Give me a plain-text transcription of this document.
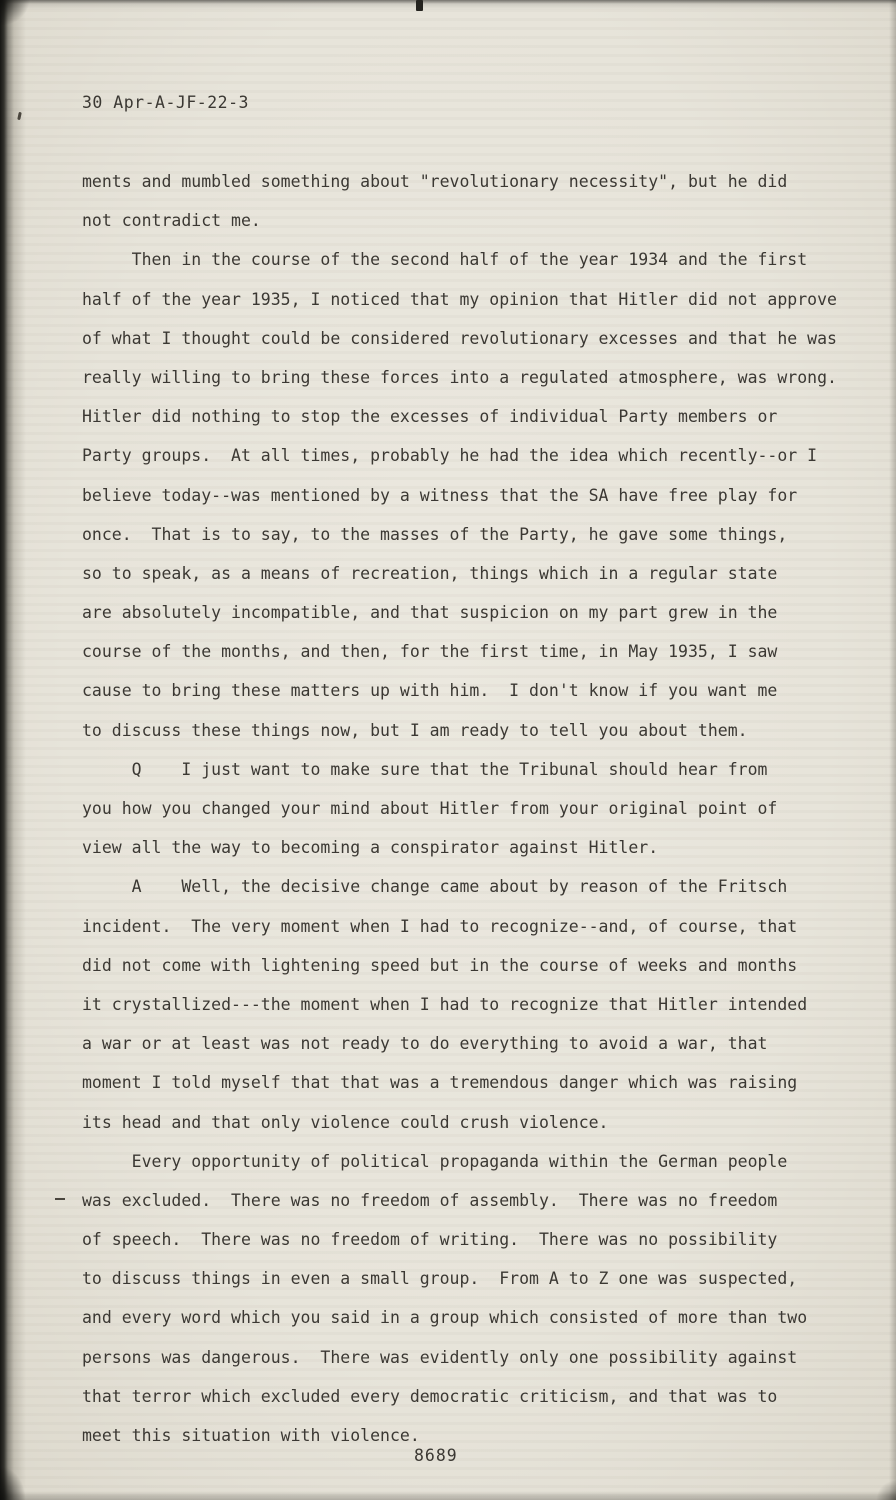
30 Apr-A-JF-22-3
ments and mumbled something about "revolutionary necessity", but he did
not contradict me.
Then in the course of the second half of the year 1934 and the first
half of the year 1935, I noticed that my opinion that Hitler did not approve
of what I thought could be considered revolutionary excesses and that he was
really willing to bring these forces into a regulated atmosphere, was wrong.
Hitler did nothing to stop the excesses of individual Party members or
Party groups.  At all times, probably he had the idea which recently--or I
believe today--was mentioned by a witness that the SA have free play for
once.  That is to say, to the masses of the Party, he gave some things,
so to speak, as a means of recreation, things which in a regular state
are absolutely incompatible, and that suspicion on my part grew in the
course of the months, and then, for the first time, in May 1935, I saw
cause to bring these matters up with him.  I don't know if you want me
to discuss these things now, but I am ready to tell you about them.
Q    I just want to make sure that the Tribunal should hear from
you how you changed your mind about Hitler from your original point of
view all the way to becoming a conspirator against Hitler.
A    Well, the decisive change came about by reason of the Fritsch
incident.  The very moment when I had to recognize--and, of course, that
did not come with lightening speed but in the course of weeks and months
it crystallized---the moment when I had to recognize that Hitler intended
a war or at least was not ready to do everything to avoid a war, that
moment I told myself that that was a tremendous danger which was raising
its head and that only violence could crush violence.
Every opportunity of political propaganda within the German people
was excluded.  There was no freedom of assembly.  There was no freedom
of speech.  There was no freedom of writing.  There was no possibility
to discuss things in even a small group.  From A to Z one was suspected,
and every word which you said in a group which consisted of more than two
persons was dangerous.  There was evidently only one possibility against
that terror which excluded every democratic criticism, and that was to
meet this situation with violence.
8689
